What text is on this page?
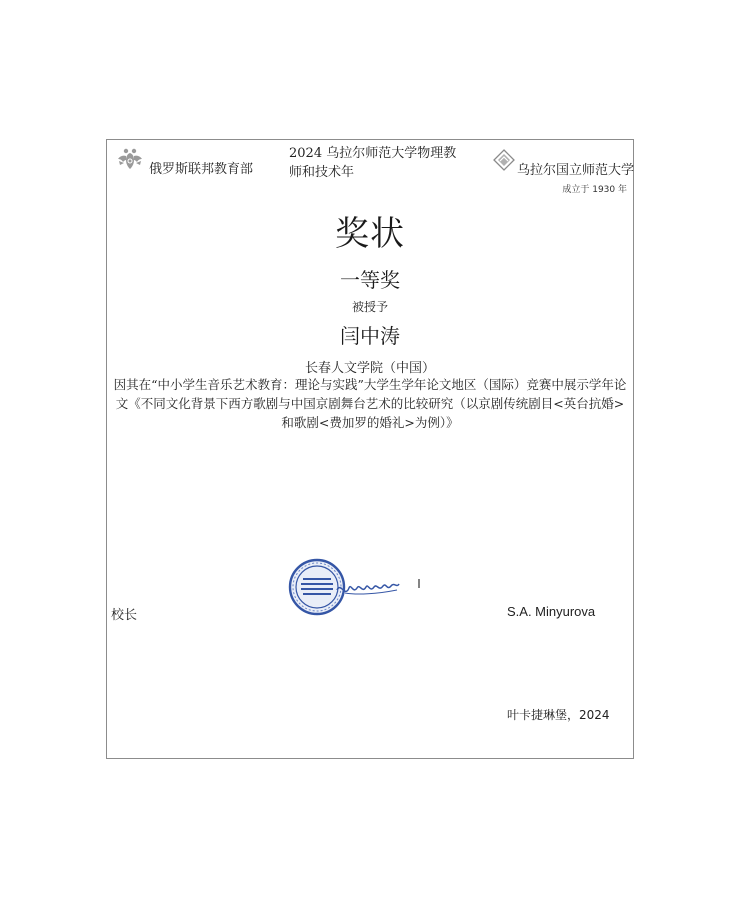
俄罗斯联邦教育部
2024 乌拉尔师范大学物理教师和技术年	乌拉尔国立师范大学
成立于 1930 年
奖状
一等奖
被授予
闫中涛
长春人文学院（中国）
因其在“中小学生音乐艺术教育：理论与实践”大学生学年论文地区（国际）竞赛中展示学年论文《不同文化背景下西方歌剧与中国京剧舞台艺术的比较研究（以京剧传统剧目<英台抗婚>和歌剧<费加罗的婚礼>为例）》
校长	S.A. Minyurova
叶卡捷琳堡，2024
